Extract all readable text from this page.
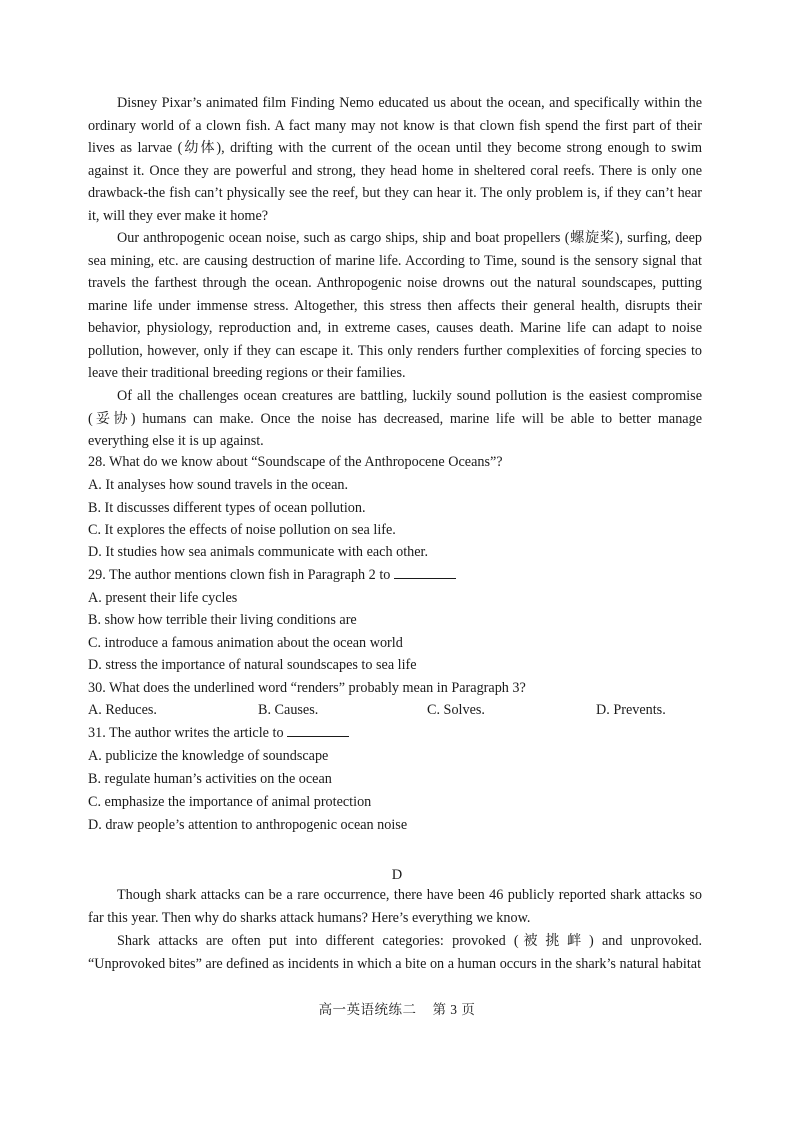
Disney Pixar’s animated film Finding Nemo educated us about the ocean, and specifically within the ordinary world of a clown fish. A fact many may not know is that clown fish spend the first part of their lives as larvae (幼体), drifting with the current of the ocean until they become strong enough to swim against it. Once they are powerful and strong, they head home in sheltered coral reefs. There is only one drawback-the fish can’t physically see the reef, but they can hear it. The only problem is, if they can’t hear it, will they ever make it home?

Our anthropogenic ocean noise, such as cargo ships, ship and boat propellers (螺旋桨), surfing, deep sea mining, etc. are causing destruction of marine life. According to Time, sound is the sensory signal that travels the farthest through the ocean. Anthropogenic noise drowns out the natural soundscapes, putting marine life under immense stress. Altogether, this stress then affects their general health, disrupts their behavior, physiology, reproduction and, in extreme cases, causes death. Marine life can adapt to noise pollution, however, only if they can escape it. This only renders further complexities of forcing species to leave their traditional breeding regions or their families.

Of all the challenges ocean creatures are battling, luckily sound pollution is the easiest compromise (妥协) humans can make. Once the noise has decreased, marine life will be able to better manage everything else it is up against.

28. What do we know about “Soundscape of the Anthropocene Oceans”?

A. It analyses how sound travels in the ocean.

B. It discusses different types of ocean pollution.

C. It explores the effects of noise pollution on sea life.

D. It studies how sea animals communicate with each other.

29. The author mentions clown fish in Paragraph 2 to

A. present their life cycles

B. show how terrible their living conditions are

C. introduce a famous animation about the ocean world

D. stress the importance of natural soundscapes to sea life

30. What does the underlined word “renders” probably mean in Paragraph 3?

A. Reduces.	B. Causes.	C. Solves.	D. Prevents.

31. The author writes the article to

A. publicize the knowledge of soundscape

B. regulate human’s activities on the ocean

C. emphasize the importance of animal protection

D. draw people’s attention to anthropogenic ocean noise

D

Though shark attacks can be a rare occurrence, there have been 46 publicly reported shark attacks so far this year. Then why do sharks attack humans? Here’s everything we know.

Shark attacks are often put into different categories: provoked (被挑衅) and unprovoked. “Unprovoked bites” are defined as incidents in which a bite on a human occurs in the shark’s natural habitat

高一英语统练二 第 3 页
